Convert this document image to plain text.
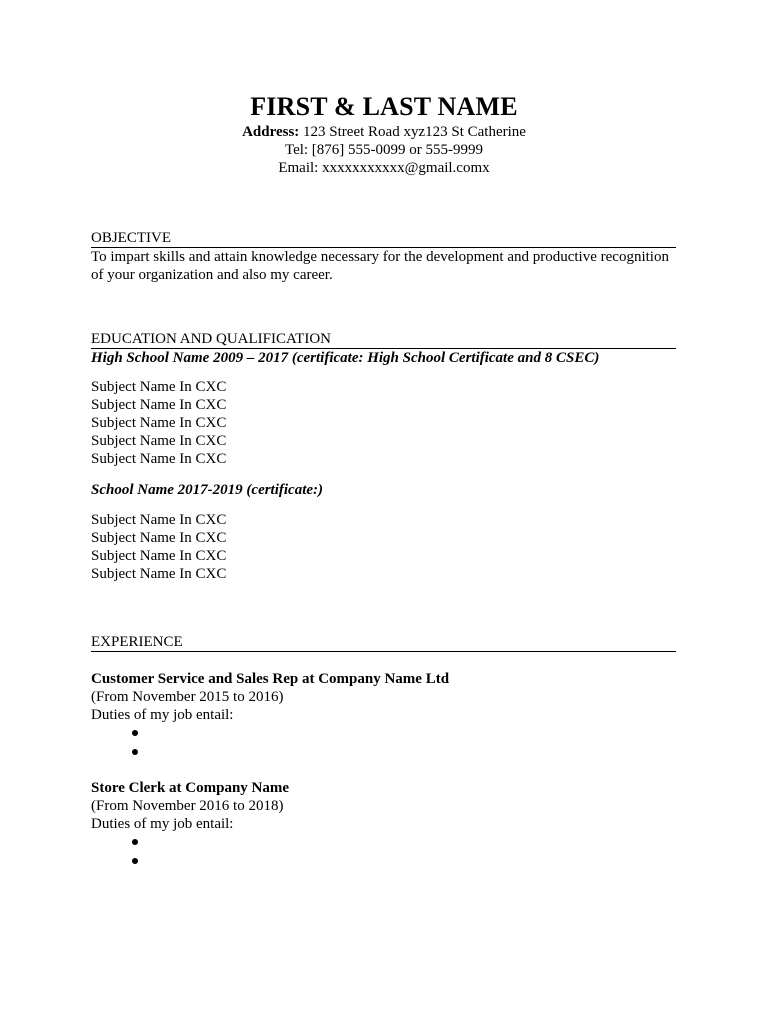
FIRST & LAST NAME
Address: 123 Street Road xyz123 St Catherine
Tel: [876] 555-0099 or 555-9999
Email: xxxxxxxxxxx@gmail.comx
OBJECTIVE
To impart skills and attain knowledge necessary for the development and productive recognition of your organization and also my career.
EDUCATION AND QUALIFICATION
High School Name 2009 – 2017 (certificate: High School Certificate and 8 CSEC)
Subject Name In CXC
Subject Name In CXC
Subject Name In CXC
Subject Name In CXC
Subject Name In CXC
School Name 2017-2019 (certificate:)
Subject Name In CXC
Subject Name In CXC
Subject Name In CXC
Subject Name In CXC
EXPERIENCE
Customer Service and Sales Rep at Company Name Ltd
(From November 2015 to 2016)
Duties of my job entail:
Store Clerk at Company Name
(From November 2016 to 2018)
Duties of my job entail:
